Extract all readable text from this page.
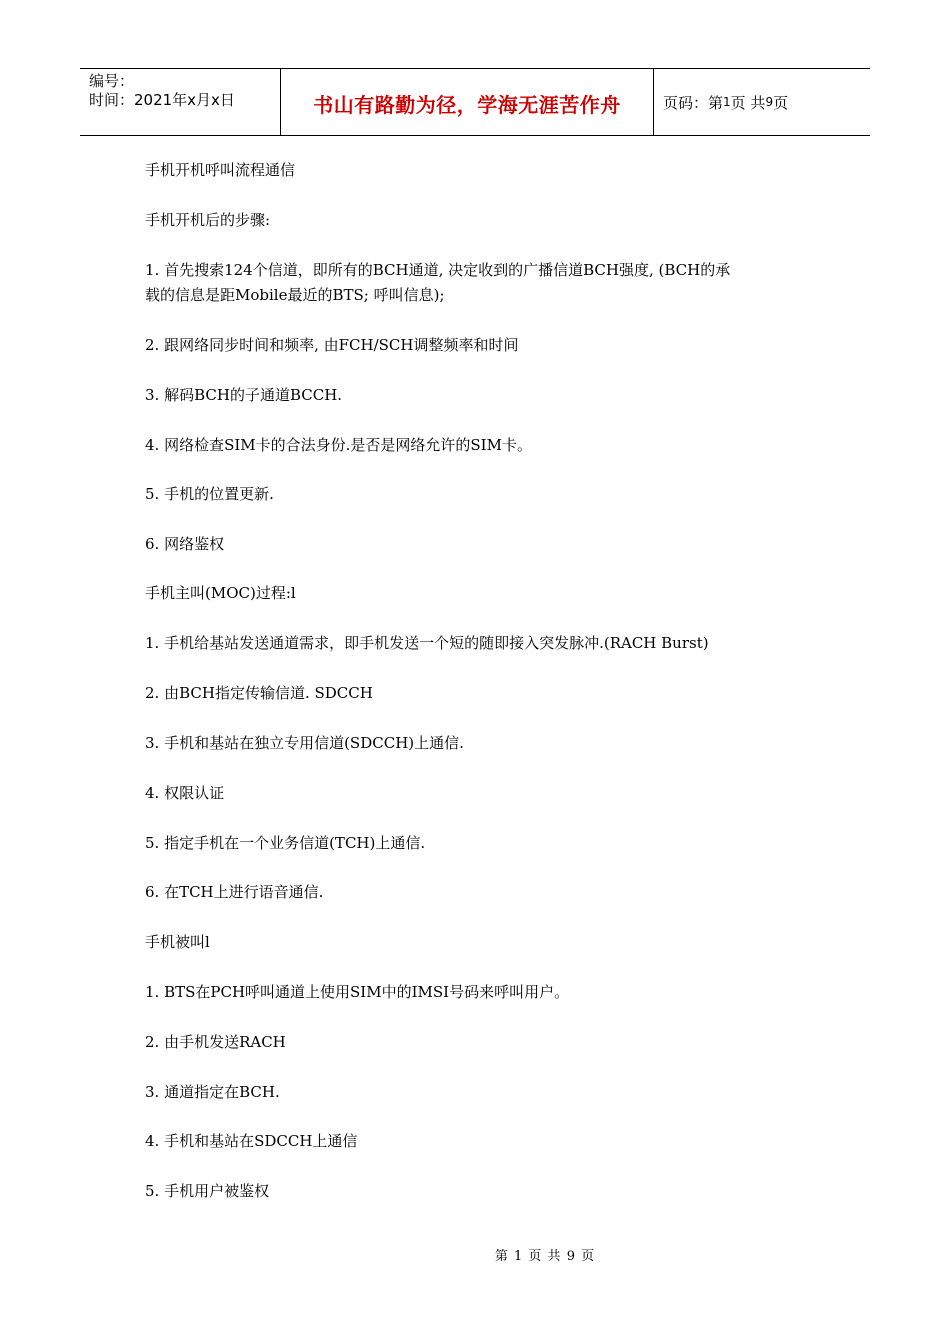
编号：
时间：2021年x月x日	书山有路勤为径，学海无涯苦作舟	页码：第 1 页 共 9 页
手机开机呼叫流程通信
手机开机后的步骤:
1. 首先搜索124个信道，即所有的BCH通道, 决定收到的广播信道BCH强度, (BCH的承
载的信息是距Mobile最近的BTS; 呼叫信息);
2. 跟网络同步时间和频率, 由FCH/SCH调整频率和时间
3. 解码BCH的子通道BCCH.
4. 网络检查SIM卡的合法身份.是否是网络允许的SIM卡。
5. 手机的位置更新.
6. 网络鉴权
手机主叫(MOC)过程:l
1. 手机给基站发送通道需求，即手机发送一个短的随即接入突发脉冲.(RACH Burst)
2. 由BCH指定传输信道. SDCCH
3. 手机和基站在独立专用信道(SDCCH)上通信.
4. 权限认证
5. 指定手机在一个业务信道(TCH)上通信.
6. 在TCH上进行语音通信.
手机被叫l
1. BTS在PCH呼叫通道上使用SIM中的IMSI号码来呼叫用户。
2. 由手机发送RACH
3. 通道指定在BCH.
4. 手机和基站在SDCCH上通信
5. 手机用户被鉴权
第 1 页 共 9 页
